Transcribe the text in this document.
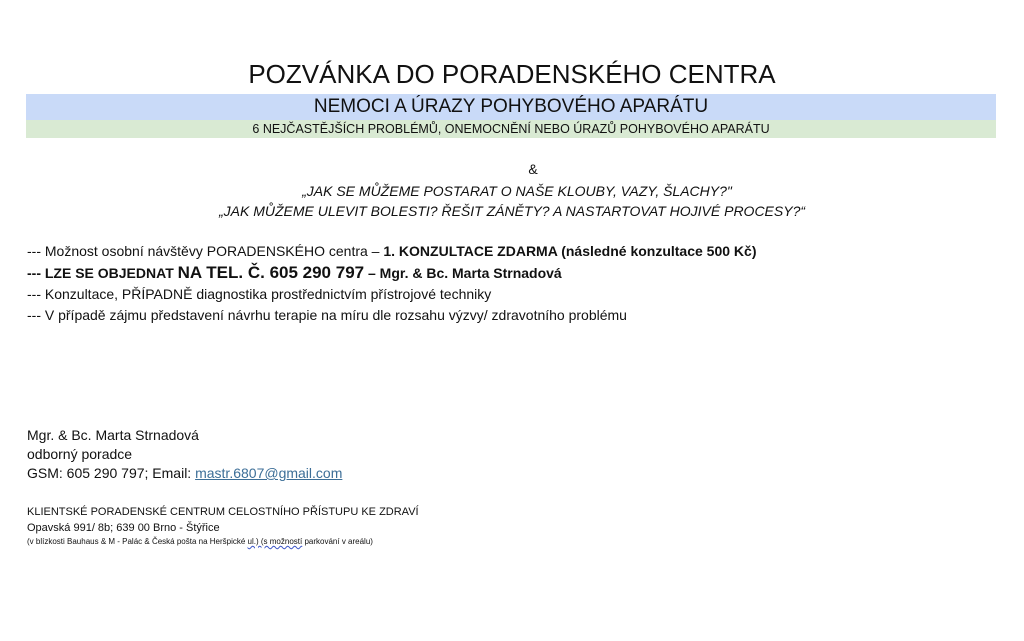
POZVÁNKA DO PORADENSKÉHO CENTRA
NEMOCI A ÚRAZY POHYBOVÉHO APARÁTU
6 NEJČASTĚJŠÍCH PROBLÉMŮ, ONEMOCNĚNÍ NEBO ÚRAZŮ POHYBOVÉHO APARÁTU
&
„JAK SE MŮŽEME POSTARAT O NAŠE KLOUBY, VAZY, ŠLACHY?"
„JAK MŮŽEME ULEVIT BOLESTI? ŘEŠIT ZÁNĚTY? A NASTARTOVAT HOJIVÉ PROCESY?“
--- Možnost osobní návštěvy PORADENSKÉHO centra – 1. KONZULTACE ZDARMA (následné konzultace 500 Kč)
--- LZE SE OBJEDNAT NA TEL. Č. 605 290 797 – Mgr. & Bc. Marta Strnadová
--- Konzultace, PŘÍPADNĚ diagnostika prostřednictvím přístrojové techniky
--- V případě zájmu představení návrhu terapie na míru dle rozsahu výzvy/ zdravotního problému
Mgr. & Bc. Marta Strnadová
odborný poradce
GSM: 605 290 797; Email: mastr.6807@gmail.com
KLIENTSKÉ PORADENSKÉ CENTRUM CELOSTNÍHO PŘÍSTUPU KE ZDRAVÍ
Opavská 991/ 8b; 639 00 Brno - Štýřice
(v blízkosti Bauhaus & M - Palác & Česká pošta na Heršpické ul.) (s možností parkování v areálu)
